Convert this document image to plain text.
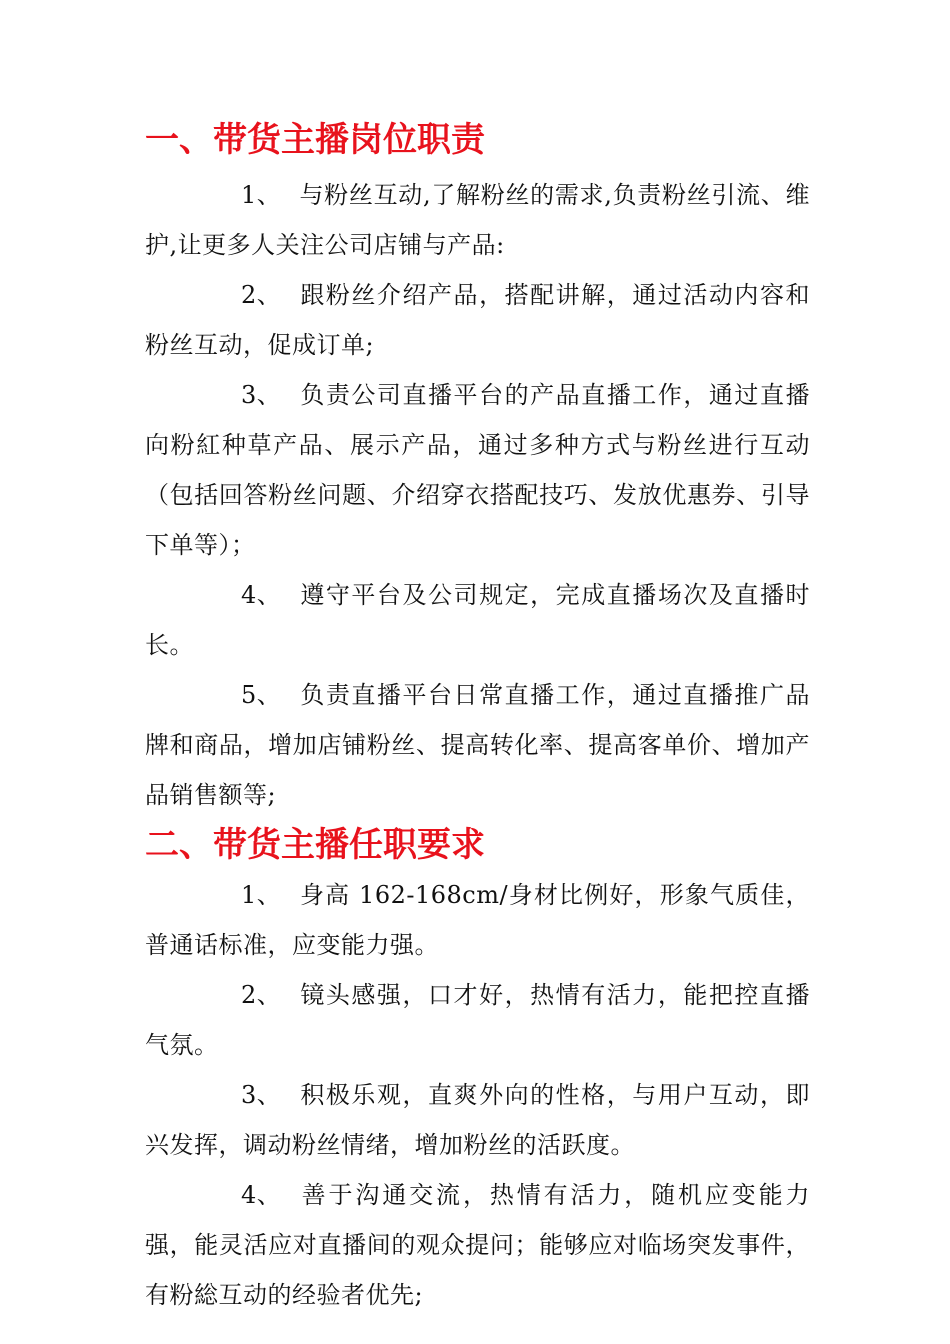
一、带货主播岗位职责

1、 与粉丝互动,了解粉丝的需求,负责粉丝引流、维护,让更多人关注公司店铺与产品:

2、 跟粉丝介绍产品，搭配讲解，通过活动内容和粉丝互动，促成订单;

3、 负责公司直播平台的产品直播工作，通过直播向粉紅种草产品、展示产品，通过多种方式与粉丝进行互动（包括回答粉丝问题、介绍穿衣搭配技巧、发放优惠券、引导下单等）；

4、 遵守平台及公司规定，完成直播场次及直播时长。

5、 负责直播平台日常直播工作，通过直播推广品牌和商品，增加店铺粉丝、提高转化率、提高客单价、增加产品销售额等;

二、带货主播任职要求

1、 身高 162-168cm/身材比例好，形象气质佳，普通话标准，应变能力强。

2、 镜头感强，口才好，热情有活力，能把控直播气氛。

3、 积极乐观，直爽外向的性格，与用户互动，即兴发挥，调动粉丝情绪，增加粉丝的活跃度。

4、 善于沟通交流，热情有活力，随机应变能力强，能灵活应对直播间的观众提问；能够应对临场突发事件，有粉総互动的经验者优先;
